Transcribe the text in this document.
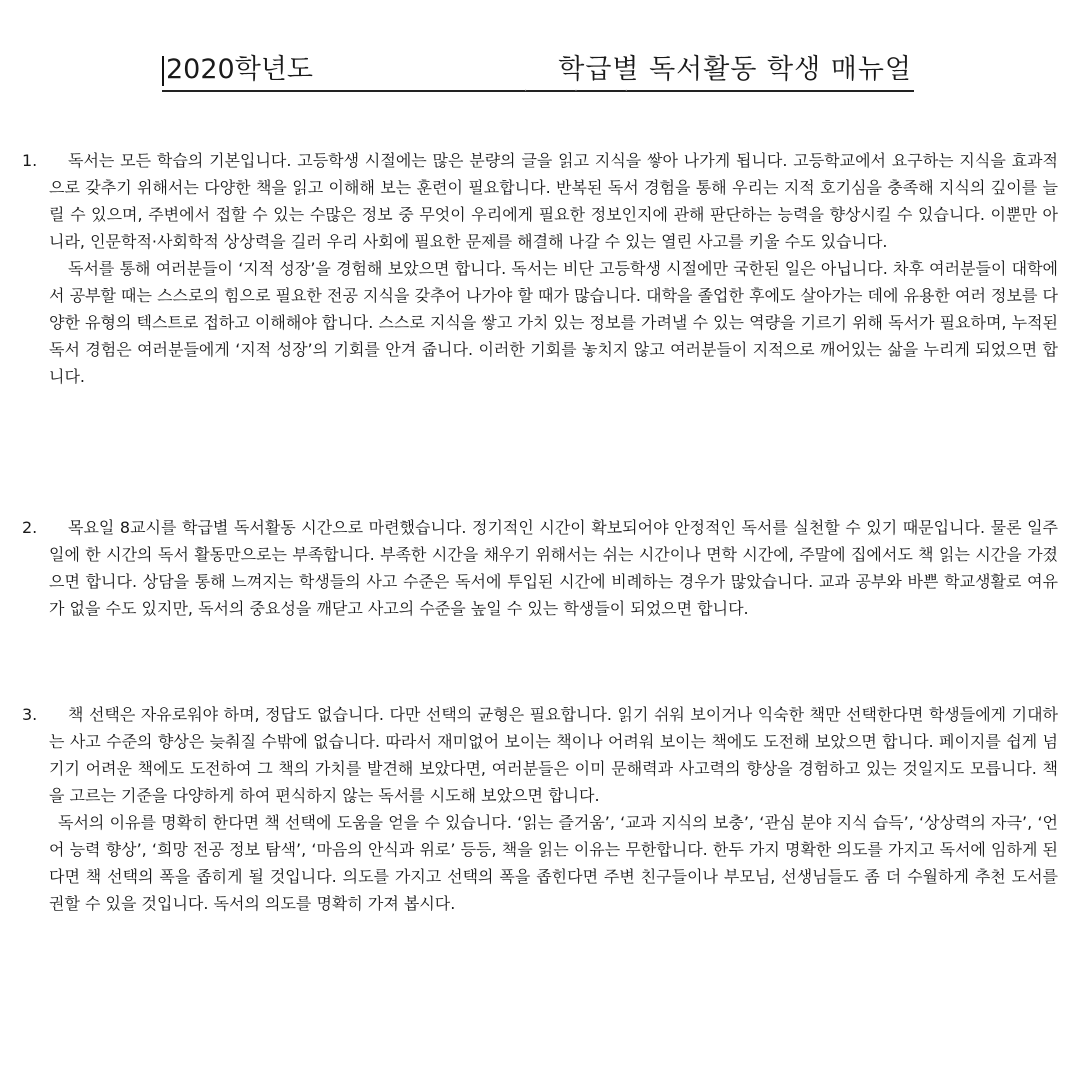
2020학년도
· · ·
학급별 독서활동 학생 매뉴얼
1.	독서는 모든 학습의 기본입니다. 고등학생 시절에는 많은 분량의 글을 읽고 지식을 쌓아 나가게 됩니다. 고등학교에서 요구하는 지식을 효과적으로 갖추기 위해서는 다양한 책을 읽고 이해해 보는 훈련이 필요합니다. 반복된 독서 경험을 통해 우리는 지적 호기심을 충족해 지식의 깊이를 늘릴 수 있으며, 주변에서 접할 수 있는 수많은 정보 중 무엇이 우리에게 필요한 정보인지에 관해 판단하는 능력을 향상시킬 수 있습니다. 이뿐만 아니라, 인문학적·사회학적 상상력을 길러 우리 사회에 필요한 문제를 해결해 나갈 수 있는 열린 사고를 키울 수도 있습니다.

독서를 통해 여러분들이 ‘지적 성장’을 경험해 보았으면 합니다. 독서는 비단 고등학생 시절에만 국한된 일은 아닙니다. 차후 여러분들이 대학에서 공부할 때는 스스로의 힘으로 필요한 전공 지식을 갖추어 나가야 할 때가 많습니다. 대학을 졸업한 후에도 살아가는 데에 유용한 여러 정보를 다양한 유형의 텍스트로 접하고 이해해야 합니다. 스스로 지식을 쌓고 가치 있는 정보를 가려낼 수 있는 역량을 기르기 위해 독서가 필요하며, 누적된 독서 경험은 여러분들에게 ‘지적 성장’의 기회를 안겨 줍니다. 이러한 기회를 놓치지 않고 여러분들이 지적으로 깨어있는 삶을 누리게 되었으면 합니다.

2.	목요일 8교시를 학급별 독서활동 시간으로 마련했습니다. 정기적인 시간이 확보되어야 안정적인 독서를 실천할 수 있기 때문입니다. 물론 일주일에 한 시간의 독서 활동만으로는 부족합니다. 부족한 시간을 채우기 위해서는 쉬는 시간이나 면학 시간에, 주말에 집에서도 책 읽는 시간을 가졌으면 합니다. 상담을 통해 느껴지는 학생들의 사고 수준은 독서에 투입된 시간에 비례하는 경우가 많았습니다. 교과 공부와 바쁜 학교생활로 여유가 없을 수도 있지만, 독서의 중요성을 깨닫고 사고의 수준을 높일 수 있는 학생들이 되었으면 합니다.

3.	책 선택은 자유로워야 하며, 정답도 없습니다. 다만 선택의 균형은 필요합니다. 읽기 쉬워 보이거나 익숙한 책만 선택한다면 학생들에게 기대하는 사고 수준의 향상은 늦춰질 수밖에 없습니다. 따라서 재미없어 보이는 책이나 어려워 보이는 책에도 도전해 보았으면 합니다. 페이지를 쉽게 넘기기 어려운 책에도 도전하여 그 책의 가치를 발견해 보았다면, 여러분들은 이미 문해력과 사고력의 향상을 경험하고 있는 것일지도 모릅니다. 책을 고르는 기준을 다양하게 하여 편식하지 않는 독서를 시도해 보았으면 합니다.

독서의 이유를 명확히 한다면 책 선택에 도움을 얻을 수 있습니다. ‘읽는 즐거움’, ‘교과 지식의 보충’, ‘관심 분야 지식 습득’, ‘상상력의 자극’, ‘언어 능력 향상’, ‘희망 전공 정보 탐색’, ‘마음의 안식과 위로’ 등등, 책을 읽는 이유는 무한합니다. 한두 가지 명확한 의도를 가지고 독서에 임하게 된다면 책 선택의 폭을 좁히게 될 것입니다. 의도를 가지고 선택의 폭을 좁힌다면 주변 친구들이나 부모님, 선생님들도 좀 더 수월하게 추천 도서를 권할 수 있을 것입니다. 독서의 의도를 명확히 가져 봅시다.
